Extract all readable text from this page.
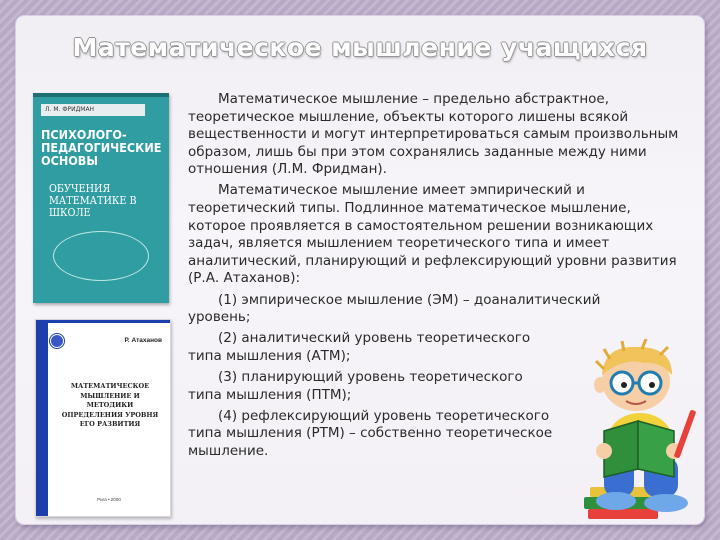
Математическое мышление учащихся
Л. М. ФРИДМАН
ПСИХОЛОГО-ПЕДАГОГИЧЕСКИЕ ОСНОВЫ
ОБУЧЕНИЯ МАТЕМАТИКЕ В ШКОЛЕ
Р. Атаханов
МАТЕМАТИЧЕСКОЕ МЫШЛЕНИЕ И МЕТОДИКИ ОПРЕДЕЛЕНИЯ УРОВНЯ ЕГО РАЗВИТИЯ
Рига • 2000

Математическое мышление – предельно абстрактное, теоретическое мышление, объекты которого лишены всякой вещественности и могут интерпретироваться самым произвольным образом, лишь бы при этом сохранялись заданные между ними отношения (Л.М. Фридман).

Математическое мышление имеет эмпирический и теоретический типы. Подлинное математическое мышление, которое проявляется в самостоятельном решении возникающих задач, является мышлением теоретического типа и имеет аналитический, планирующий и рефлексирующий уровни развития (Р.А. Атаханов):

(1) эмпирическое мышление (ЭМ) – доаналитический
уровень;

(2) аналитический уровень теоретического
типа мышления (АТМ);

(3) планирующий уровень теоретического
типа мышления (ПТМ);

(4) рефлексирующий уровень теоретического
типа мышления (РТМ) – собственно теоретическое
мышление.
